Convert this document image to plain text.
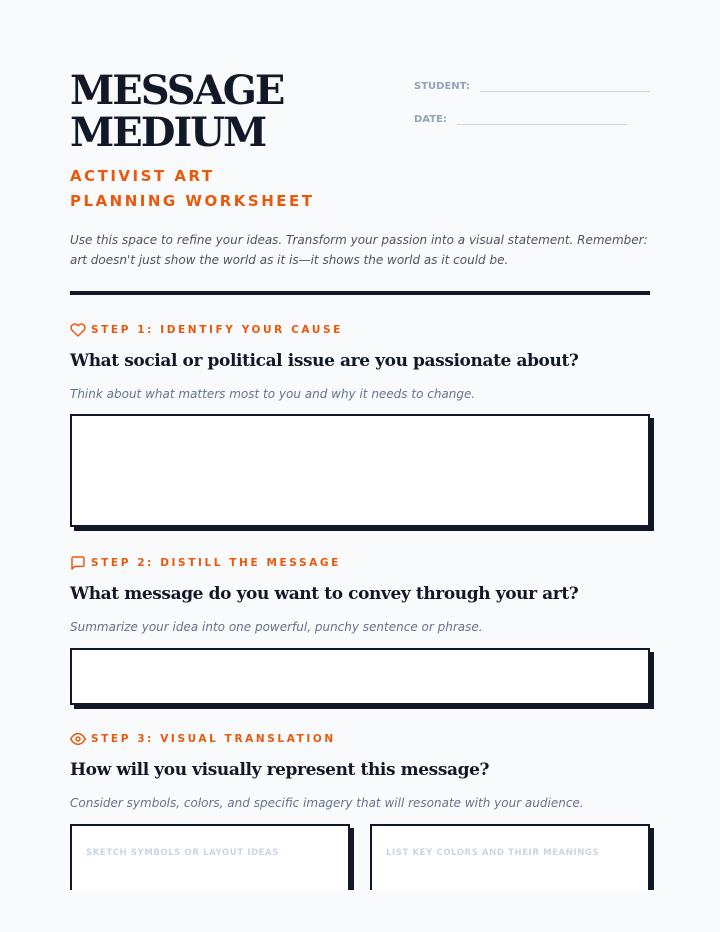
MESSAGE
MEDIUM
ACTIVIST ART PLANNING WORKSHEET
STUDENT:
DATE:

Use this space to refine your ideas. Transform your passion into a visual statement. Remember: art doesn't just show the world as it is—it shows the world as it could be.

STEP 1: IDENTIFY YOUR CAUSE
What social or political issue are you passionate about?

Think about what matters most to you and why it needs to change.

STEP 2: DISTILL THE MESSAGE
What message do you want to convey through your art?

Summarize your idea into one powerful, punchy sentence or phrase.

STEP 3: VISUAL TRANSLATION
How will you visually represent this message?

Consider symbols, colors, and specific imagery that will resonate with your audience.

SKETCH SYMBOLS OR LAYOUT IDEAS	LIST KEY COLORS AND THEIR MEANINGS
